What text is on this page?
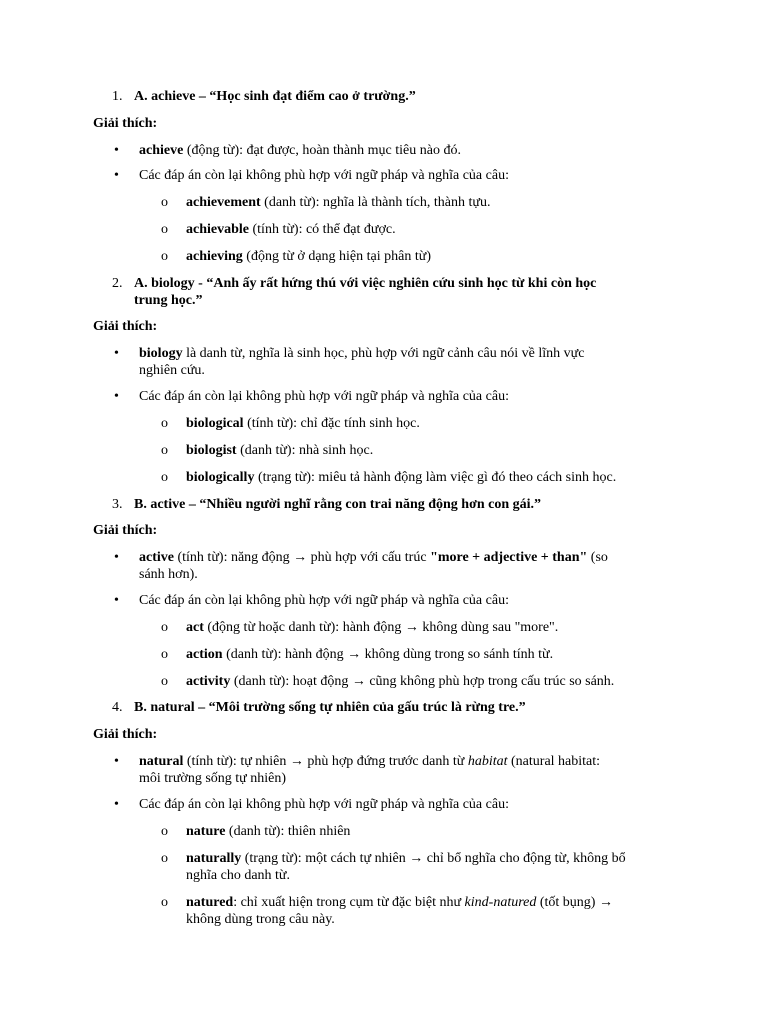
1. A. achieve – “Học sinh đạt điểm cao ở trường.”
Giải thích:
• achieve (động từ): đạt được, hoàn thành mục tiêu nào đó.
• Các đáp án còn lại không phù hợp với ngữ pháp và nghĩa của câu:
o achievement (danh từ): nghĩa là thành tích, thành tựu.
o achievable (tính từ): có thể đạt được.
o achieving (động từ ở dạng hiện tại phân từ)
2. A. biology - “Anh ấy rất hứng thú với việc nghiên cứu sinh học từ khi còn học
trung học.”
Giải thích:
• biology là danh từ, nghĩa là sinh học, phù hợp với ngữ cảnh câu nói về lĩnh vực
nghiên cứu.
• Các đáp án còn lại không phù hợp với ngữ pháp và nghĩa của câu:
o biological (tính từ): chỉ đặc tính sinh học.
o biologist (danh từ): nhà sinh học.
o biologically (trạng từ): miêu tả hành động làm việc gì đó theo cách sinh học.
3. B. active – “Nhiều người nghĩ rằng con trai năng động hơn con gái.”
Giải thích:
• active (tính từ): năng động → phù hợp với cấu trúc "more + adjective + than" (so
sánh hơn).
• Các đáp án còn lại không phù hợp với ngữ pháp và nghĩa của câu:
o act (động từ hoặc danh từ): hành động → không dùng sau "more".
o action (danh từ): hành động → không dùng trong so sánh tính từ.
o activity (danh từ): hoạt động → cũng không phù hợp trong cấu trúc so sánh.
4. B. natural – “Môi trường sống tự nhiên của gấu trúc là rừng tre.”
Giải thích:
• natural (tính từ): tự nhiên → phù hợp đứng trước danh từ habitat (natural habitat:
môi trường sống tự nhiên)
• Các đáp án còn lại không phù hợp với ngữ pháp và nghĩa của câu:
o nature (danh từ): thiên nhiên
o naturally (trạng từ): một cách tự nhiên → chỉ bổ nghĩa cho động từ, không bổ
nghĩa cho danh từ.
o natured: chỉ xuất hiện trong cụm từ đặc biệt như kind-natured (tốt bụng) →
không dùng trong câu này.
